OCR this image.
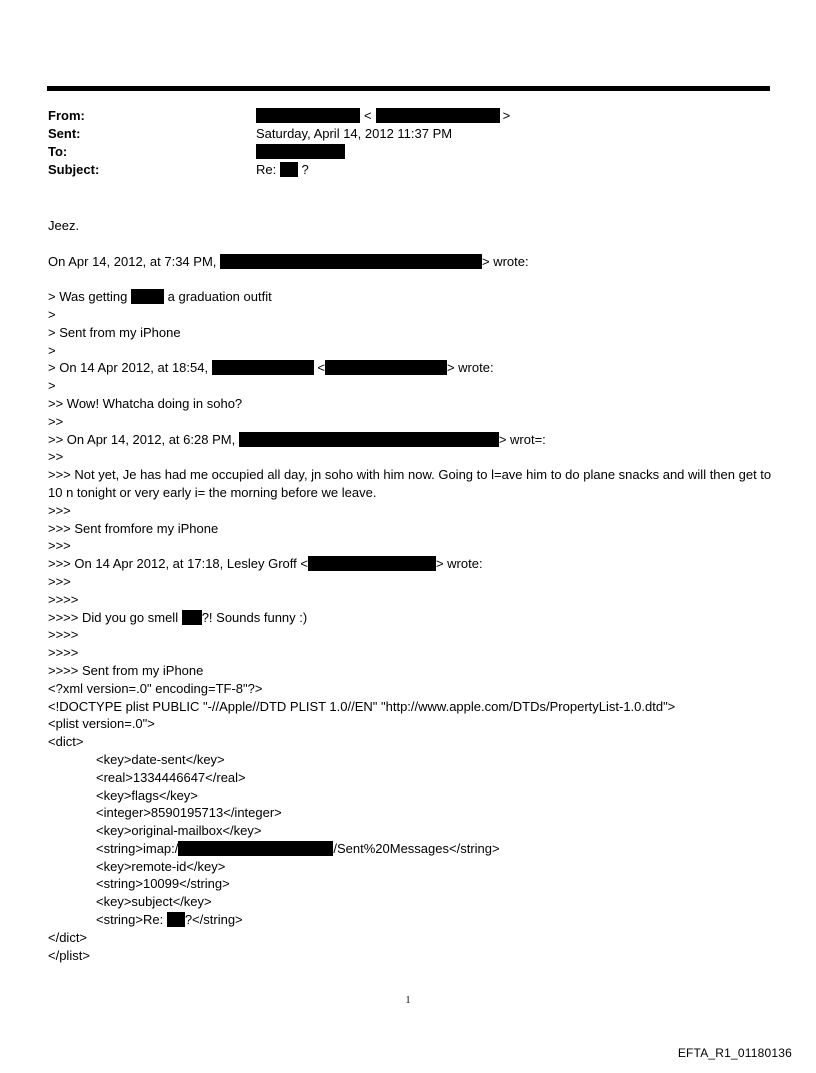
From:	<	>
Sent:	Saturday, April 14, 2012 11:37 PM
To:
Subject:	Re: ?
Jeez.
On Apr 14, 2012, at 7:34 PM,	> wrote:
> Was getting	a graduation outfit
>
> Sent from my iPhone
>
> On 14 Apr 2012, at 18:54,	<	> wrote:
>
>> Wow! Whatcha doing in soho?
>>
>> On Apr 14, 2012, at 6:28 PM,	> wrot=:
>>
>>> Not yet, Je has had me occupied all day, jn soho with him now. Going to l=ave him to do plane snacks and will then get to 10 n tonight or very early i= the morning before we leave.
>>>
>>> Sent fromfore my iPhone
>>>
>>> On 14 Apr 2012, at 17:18, Lesley Groff <	> wrote:
>>>
>>>>
>>>> Did you go smell ?! Sounds funny :)
>>>>
>>>>
>>>> Sent from my iPhone
<?xml version=.0" encoding=TF-8"?>
<!DOCTYPE plist PUBLIC "-//Apple//DTD PLIST 1.0//EN" "http://www.apple.com/DTDs/PropertyList-1.0.dtd">
<plist version=.0">
<dict>
<key>date-sent</key>
<real>1334446647</real>
<key>flags</key>
<integer>8590195713</integer>
<key>original-mailbox</key>
<string>imap:/	/Sent%20Messages</string>
<key>remote-id</key>
<string>10099</string>
<key>subject</key>
<string>Re: ?</string>
</dict>
</plist>
1
EFTA_R1_01180136
